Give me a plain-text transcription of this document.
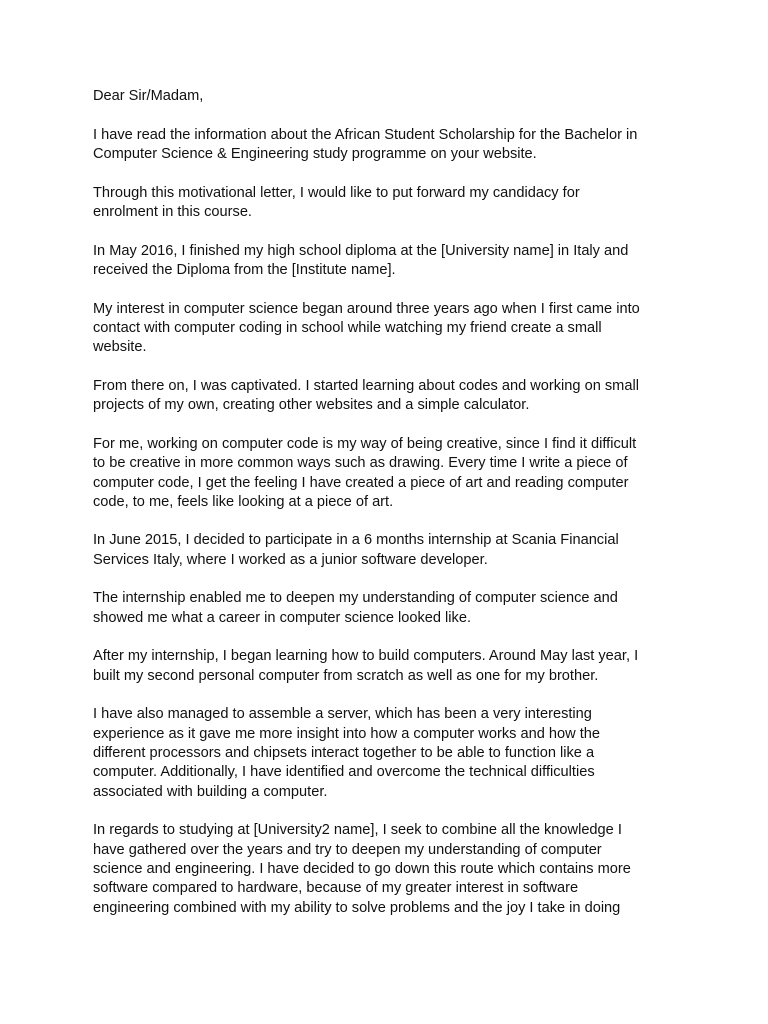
Dear Sir/Madam,

I have read the information about the African Student Scholarship for the Bachelor in
Computer Science & Engineering study programme on your website.

Through this motivational letter, I would like to put forward my candidacy for
enrolment in this course.

In May 2016, I finished my high school diploma at the [University name] in Italy and
received the Diploma from the [Institute name].

My interest in computer science began around three years ago when I first came into
contact with computer coding in school while watching my friend create a small
website.

From there on, I was captivated. I started learning about codes and working on small
projects of my own, creating other websites and a simple calculator.

For me, working on computer code is my way of being creative, since I find it difficult
to be creative in more common ways such as drawing. Every time I write a piece of
computer code, I get the feeling I have created a piece of art and reading computer
code, to me, feels like looking at a piece of art.

In June 2015, I decided to participate in a 6 months internship at Scania Financial
Services Italy, where I worked as a junior software developer.

The internship enabled me to deepen my understanding of computer science and
showed me what a career in computer science looked like.

After my internship, I began learning how to build computers. Around May last year, I
built my second personal computer from scratch as well as one for my brother.

I have also managed to assemble a server, which has been a very interesting
experience as it gave me more insight into how a computer works and how the
different processors and chipsets interact together to be able to function like a
computer. Additionally, I have identified and overcome the technical difficulties
associated with building a computer.

In regards to studying at [University2 name], I seek to combine all the knowledge I
have gathered over the years and try to deepen my understanding of computer
science and engineering. I have decided to go down this route which contains more
software compared to hardware, because of my greater interest in software
engineering combined with my ability to solve problems and the joy I take in doing
